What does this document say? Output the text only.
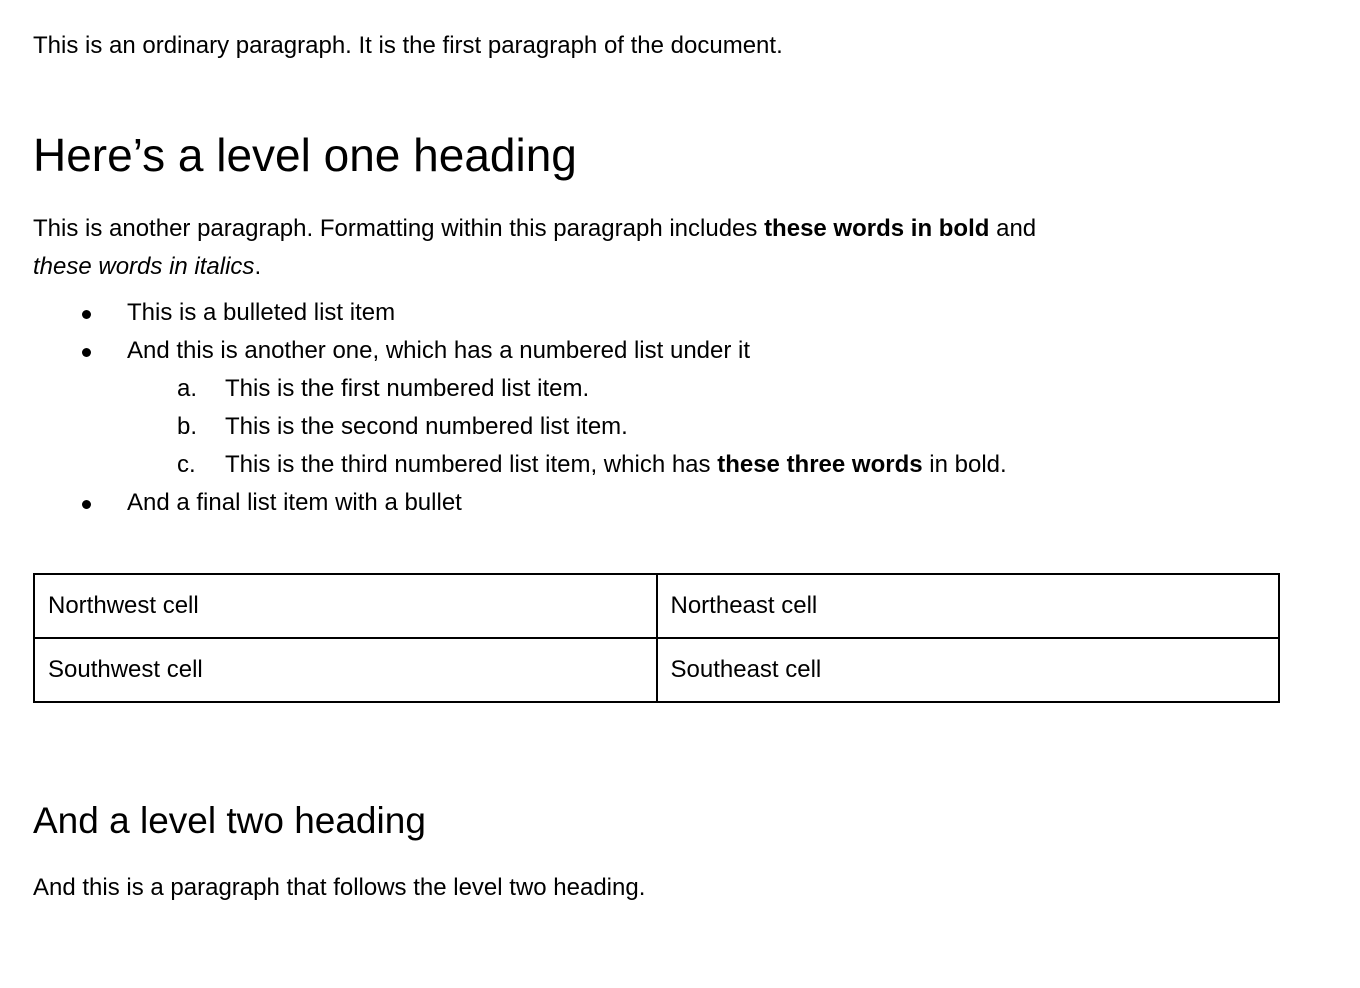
This is an ordinary paragraph. It is the first paragraph of the document.

Here’s a level one heading

This is another paragraph. Formatting within this paragraph includes these words in bold and
these words in italics.

This is a bulleted list item
And this is another one, which has a numbered list under it
a. This is the first numbered list item.
b. This is the second numbered list item.
c. This is the third numbered list item, which has these three words in bold.
And a final list item with a bullet
Northwest cell	Northeast cell
Southwest cell	Southeast cell
And a level two heading

And this is a paragraph that follows the level two heading.
